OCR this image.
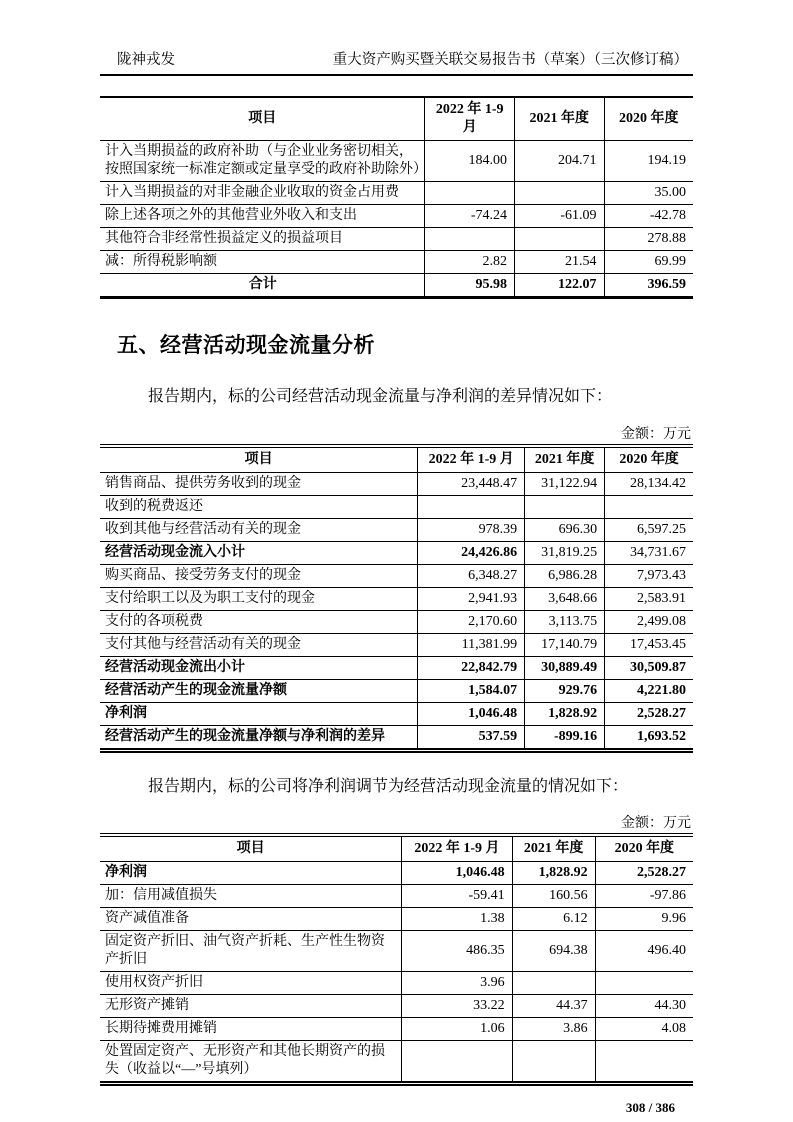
陇神戎发	重大资产购买暨关联交易报告书（草案）（三次修订稿）
项目	2022 年 1-9 月	2021 年度	2020 年度
计入当期损益的政府补助（与企业业务密切相关，按照国家统一标准定额或定量享受的政府补助除外）	184.00	204.71	194.19
计入当期损益的对非金融企业收取的资金占用费			35.00
除上述各项之外的其他营业外收入和支出	-74.24	-61.09	-42.78
其他符合非经常性损益定义的损益项目			278.88
减：所得税影响额	2.82	21.54	69.99
合计	95.98	122.07	396.59
五、经营活动现金流量分析

报告期内，标的公司经营活动现金流量与净利润的差异情况如下：

金额：万元
项目	2022 年 1-9 月	2021 年度	2020 年度
销售商品、提供劳务收到的现金	23,448.47	31,122.94	28,134.42
收到的税费返还			
收到其他与经营活动有关的现金	978.39	696.30	6,597.25
经营活动现金流入小计	24,426.86	31,819.25	34,731.67
购买商品、接受劳务支付的现金	6,348.27	6,986.28	7,973.43
支付给职工以及为职工支付的现金	2,941.93	3,648.66	2,583.91
支付的各项税费	2,170.60	3,113.75	2,499.08
支付其他与经营活动有关的现金	11,381.99	17,140.79	17,453.45
经营活动现金流出小计	22,842.79	30,889.49	30,509.87
经营活动产生的现金流量净额	1,584.07	929.76	4,221.80
净利润	1,046.48	1,828.92	2,528.27
经营活动产生的现金流量净额与净利润的差异	537.59	-899.16	1,693.52

报告期内，标的公司将净利润调节为经营活动现金流量的情况如下：

金额：万元
项目	2022 年 1-9 月	2021 年度	2020 年度
净利润	1,046.48	1,828.92	2,528.27
加：信用减值损失	-59.41	160.56	-97.86
资产减值准备	1.38	6.12	9.96
固定资产折旧、油气资产折耗、生产性生物资产折旧	486.35	694.38	496.40
使用权资产折旧	3.96		
无形资产摊销	33.22	44.37	44.30
长期待摊费用摊销	1.06	3.86	4.08
处置固定资产、无形资产和其他长期资产的损失（收益以“—”号填列）			
308 / 386
